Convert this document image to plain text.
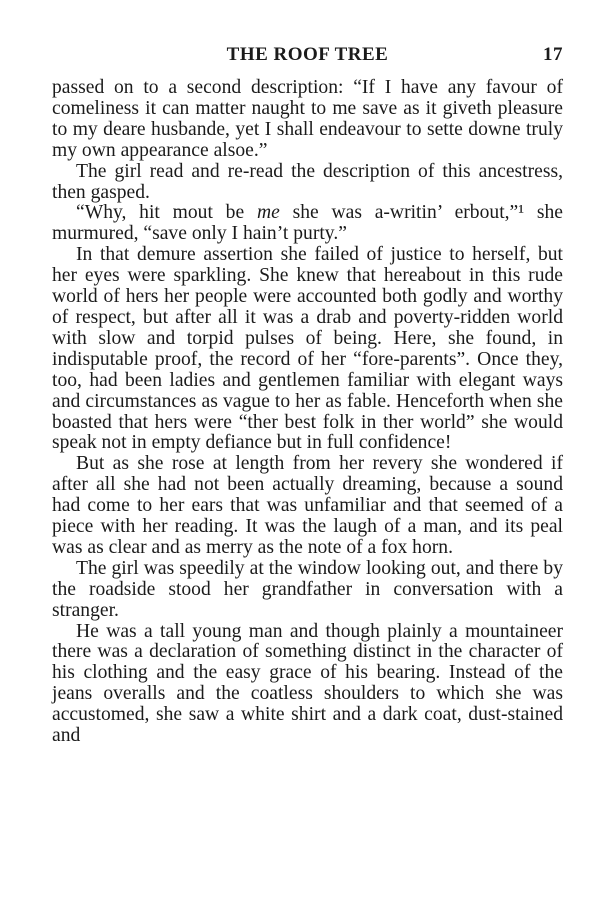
THE ROOF TREE	17

passed on to a second description: “If I have any favour of comeliness it can matter naught to me save as it giveth pleasure to my deare husbande, yet I shall endeavour to sette downe truly my own appearance alsoe.”

The girl read and re-read the description of this ancestress, then gasped.

“Why, hit mout be me she was a-writin’ erbout,”¹ she murmured, “save only I hain’t purty.”

In that demure assertion she failed of justice to herself, but her eyes were sparkling. She knew that hereabout in this rude world of hers her people were accounted both godly and worthy of respect, but after all it was a drab and poverty-ridden world with slow and torpid pulses of being. Here, she found, in indisputable proof, the record of her “fore-parents”. Once they, too, had been ladies and gentlemen familiar with elegant ways and circumstances as vague to her as fable. Henceforth when she boasted that hers were “ther best folk in ther world” she would speak not in empty defiance but in full confidence!

But as she rose at length from her revery she wondered if after all she had not been actually dreaming, because a sound had come to her ears that was unfamiliar and that seemed of a piece with her reading. It was the laugh of a man, and its peal was as clear and as merry as the note of a fox horn.

The girl was speedily at the window looking out, and there by the roadside stood her grandfather in conversation with a stranger.

He was a tall young man and though plainly a mountaineer there was a declaration of something distinct in the character of his clothing and the easy grace of his bearing. Instead of the jeans overalls and the coatless shoulders to which she was accustomed, she saw a white shirt and a dark coat, dust-stained and
